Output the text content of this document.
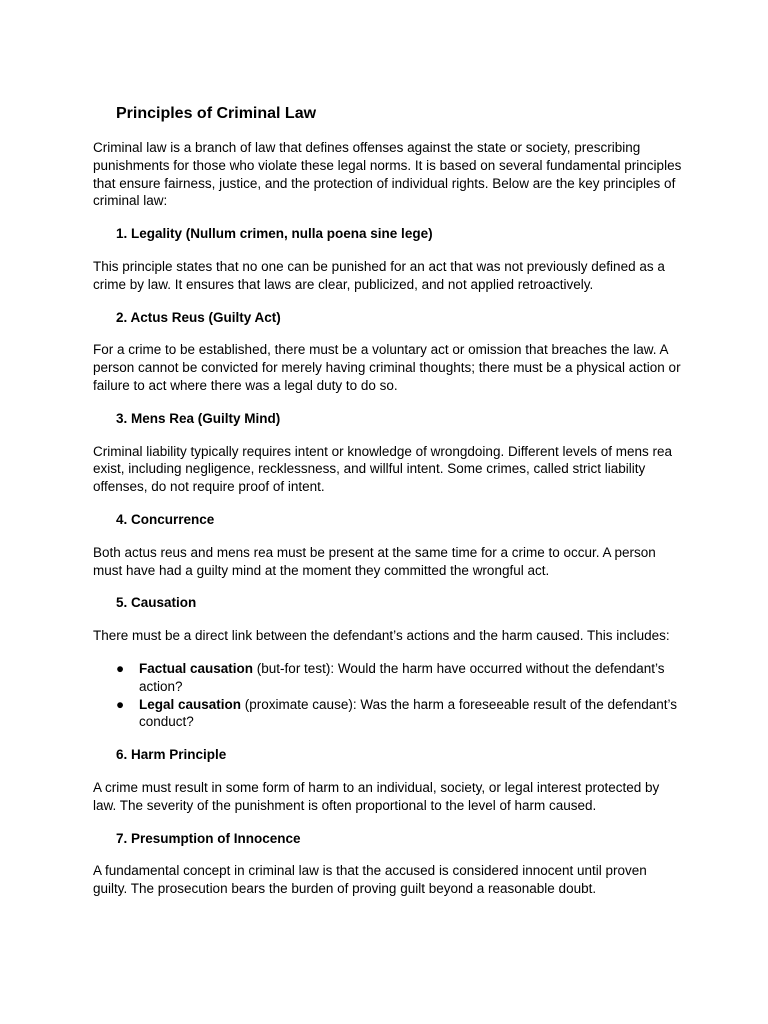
Principles of Criminal Law

Criminal law is a branch of law that defines offenses against the state or society, prescribing punishments for those who violate these legal norms. It is based on several fundamental principles that ensure fairness, justice, and the protection of individual rights. Below are the key principles of criminal law:

1. Legality (Nullum crimen, nulla poena sine lege)

This principle states that no one can be punished for an act that was not previously defined as a crime by law. It ensures that laws are clear, publicized, and not applied retroactively.

2. Actus Reus (Guilty Act)

For a crime to be established, there must be a voluntary act or omission that breaches the law. A person cannot be convicted for merely having criminal thoughts; there must be a physical action or failure to act where there was a legal duty to do so.

3. Mens Rea (Guilty Mind)

Criminal liability typically requires intent or knowledge of wrongdoing. Different levels of mens rea exist, including negligence, recklessness, and willful intent. Some crimes, called strict liability offenses, do not require proof of intent.

4. Concurrence

Both actus reus and mens rea must be present at the same time for a crime to occur. A person must have had a guilty mind at the moment they committed the wrongful act.

5. Causation

There must be a direct link between the defendant’s actions and the harm caused. This includes:

● Factual causation (but-for test): Would the harm have occurred without the defendant’s action?
● Legal causation (proximate cause): Was the harm a foreseeable result of the defendant’s conduct?
6. Harm Principle

A crime must result in some form of harm to an individual, society, or legal interest protected by law. The severity of the punishment is often proportional to the level of harm caused.

7. Presumption of Innocence

A fundamental concept in criminal law is that the accused is considered innocent until proven guilty. The prosecution bears the burden of proving guilt beyond a reasonable doubt.
